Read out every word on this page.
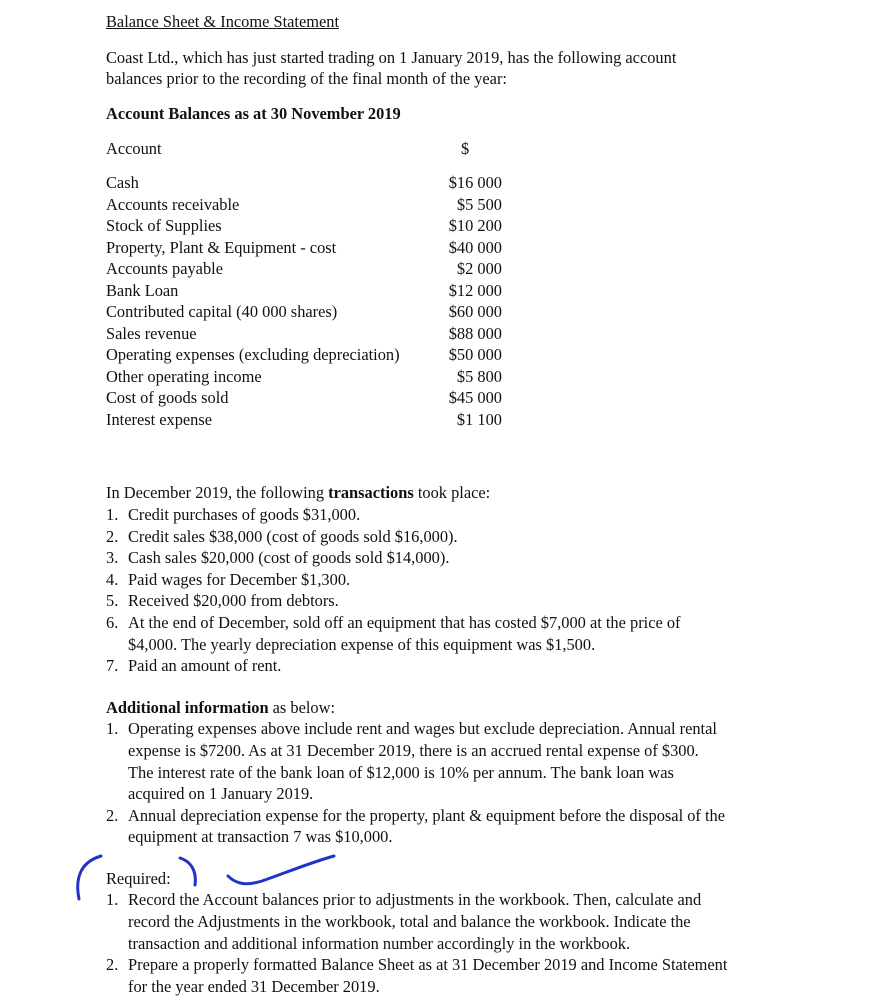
Balance Sheet & Income Statement
Coast Ltd., which has just started trading on 1 January 2019, has the following account
balances prior to the recording of the final month of the year:
Account Balances as at 30 November 2019
Account	$
Cash	$16 000
Accounts receivable	$5 500
Stock of Supplies	$10 200
Property, Plant & Equipment - cost	$40 000
Accounts payable	$2 000
Bank Loan	$12 000
Contributed capital (40 000 shares)	$60 000
Sales revenue	$88 000
Operating expenses (excluding depreciation)	$50 000
Other operating income	$5 800
Cost of goods sold	$45 000
Interest expense	$1 100
In December 2019, the following transactions took place:
1. Credit purchases of goods $31,000.
2. Credit sales $38,000 (cost of goods sold $16,000).
3. Cash sales $20,000 (cost of goods sold $14,000).
4. Paid wages for December $1,300.
5. Received $20,000 from debtors.
6. At the end of December, sold off an equipment that has costed $7,000 at the price of
$4,000. The yearly depreciation expense of this equipment was $1,500.
7. Paid an amount of rent.
Additional information as below:
1. Operating expenses above include rent and wages but exclude depreciation. Annual rental
expense is $7200. As at 31 December 2019, there is an accrued rental expense of $300.
The interest rate of the bank loan of $12,000 is 10% per annum. The bank loan was
acquired on 1 January 2019.
2. Annual depreciation expense for the property, plant & equipment before the disposal of the
equipment at transaction 7 was $10,000.
Required:
1. Record the Account balances prior to adjustments in the workbook. Then, calculate and
record the Adjustments in the workbook, total and balance the workbook. Indicate the
transaction and additional information number accordingly in the workbook.
2. Prepare a properly formatted Balance Sheet as at 31 December 2019 and Income Statement
for the year ended 31 December 2019.
